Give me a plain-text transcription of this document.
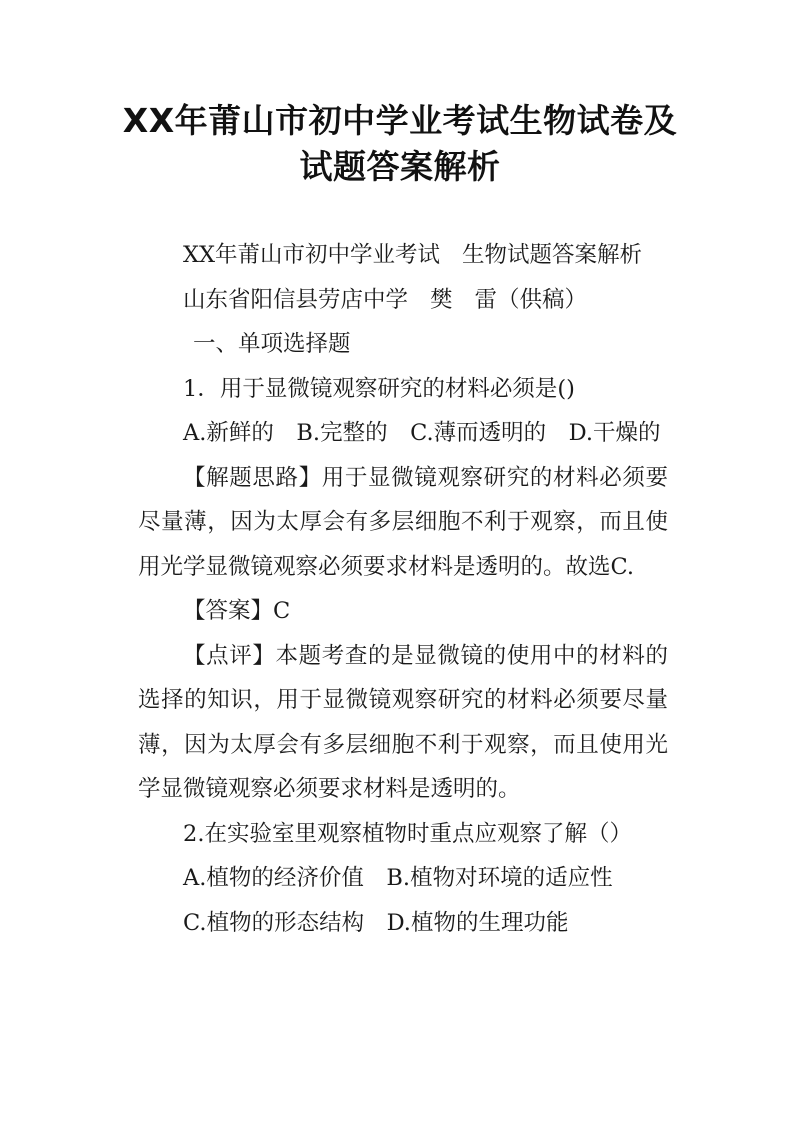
XX年莆山市初中学业考试生物试卷及
试题答案解析

XX年莆山市初中学业考试 生物试题答案解析

山东省阳信县劳店中学 樊 雷（供稿）

一、单项选择题

1．用于显微镜观察研究的材料必须是()

A.新鲜的　B.完整的　C.薄而透明的　D.干燥的

【解题思路】用于显微镜观察研究的材料必须要尽量薄，因为太厚会有多层细胞不利于观察，而且使用光学显微镜观察必须要求材料是透明的。故选C.

【答案】C

【点评】本题考查的是显微镜的使用中的材料的选择的知识，用于显微镜观察研究的材料必须要尽量薄，因为太厚会有多层细胞不利于观察，而且使用光学显微镜观察必须要求材料是透明的。

2.在实验室里观察植物时重点应观察了解（）

A.植物的经济价值　B.植物对环境的适应性

C.植物的形态结构　D.植物的生理功能
